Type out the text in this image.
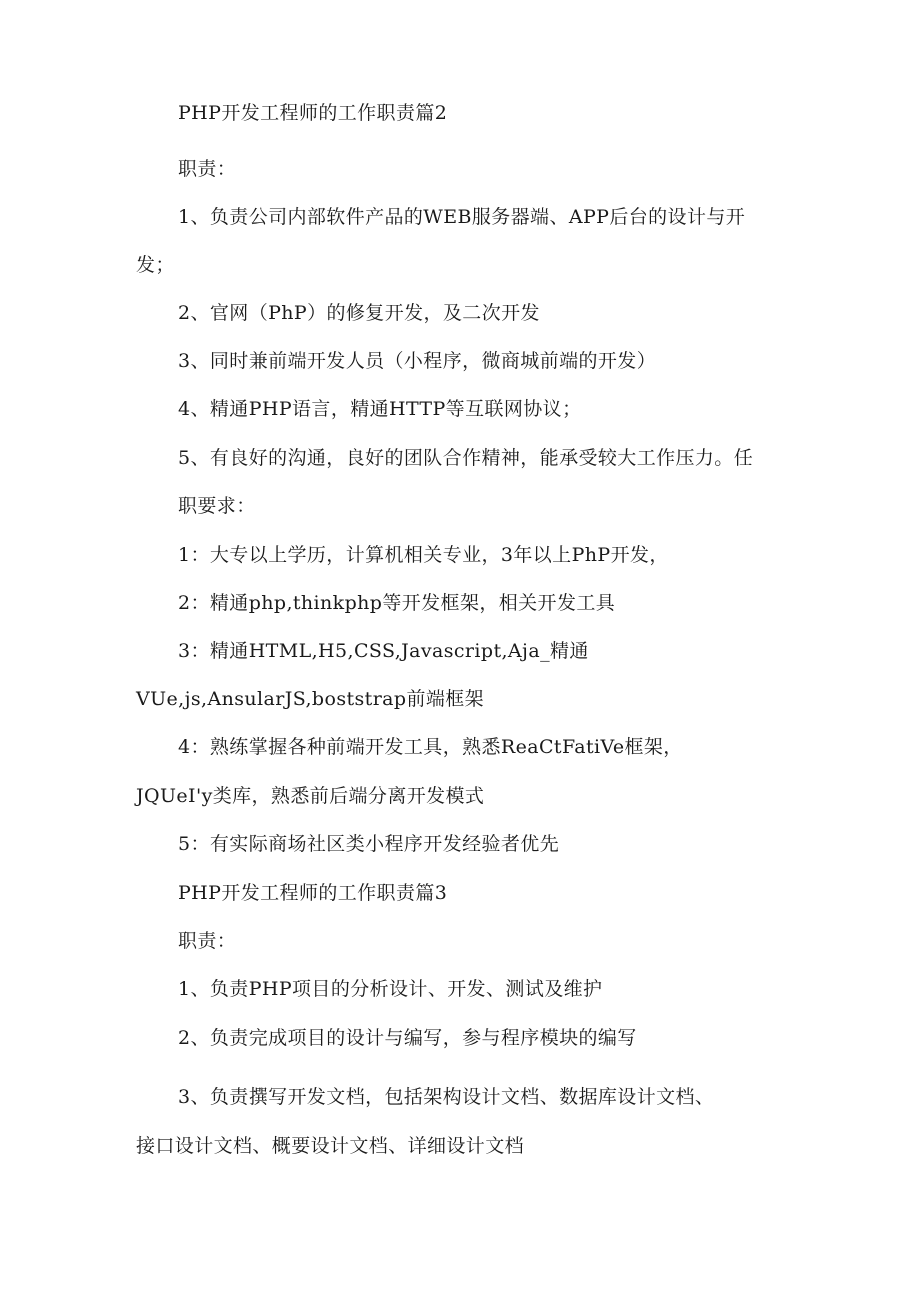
PHP开发工程师的工作职责篇2
职责：
1、负责公司内部软件产品的WEB服务器端、APP后台的设计与开
发；
2、官网（PhP）的修复开发，及二次开发
3、同时兼前端开发人员（小程序，微商城前端的开发）
4、精通PHP语言，精通HTTP等互联网协议；
5、有良好的沟通，良好的团队合作精神，能承受较大工作压力。任
职要求：
1：大专以上学历，计算机相关专业，3年以上PhP开发，
2：精通php,thinkphp等开发框架，相关开发工具
3：精通HTML,H5,CSS,Javascript,Aja_精通
VUe,js,AnsularJS,boststrap前端框架
4：熟练掌握各种前端开发工具，熟悉ReaCtFatiVe框架，
JQUeI'y类库，熟悉前后端分离开发模式
5：有实际商场社区类小程序开发经验者优先
PHP开发工程师的工作职责篇3
职责：
1、负责PHP项目的分析设计、开发、测试及维护
2、负责完成项目的设计与编写，参与程序模块的编写
3、负责撰写开发文档，包括架构设计文档、数据库设计文档、
接口设计文档、概要设计文档、详细设计文档
